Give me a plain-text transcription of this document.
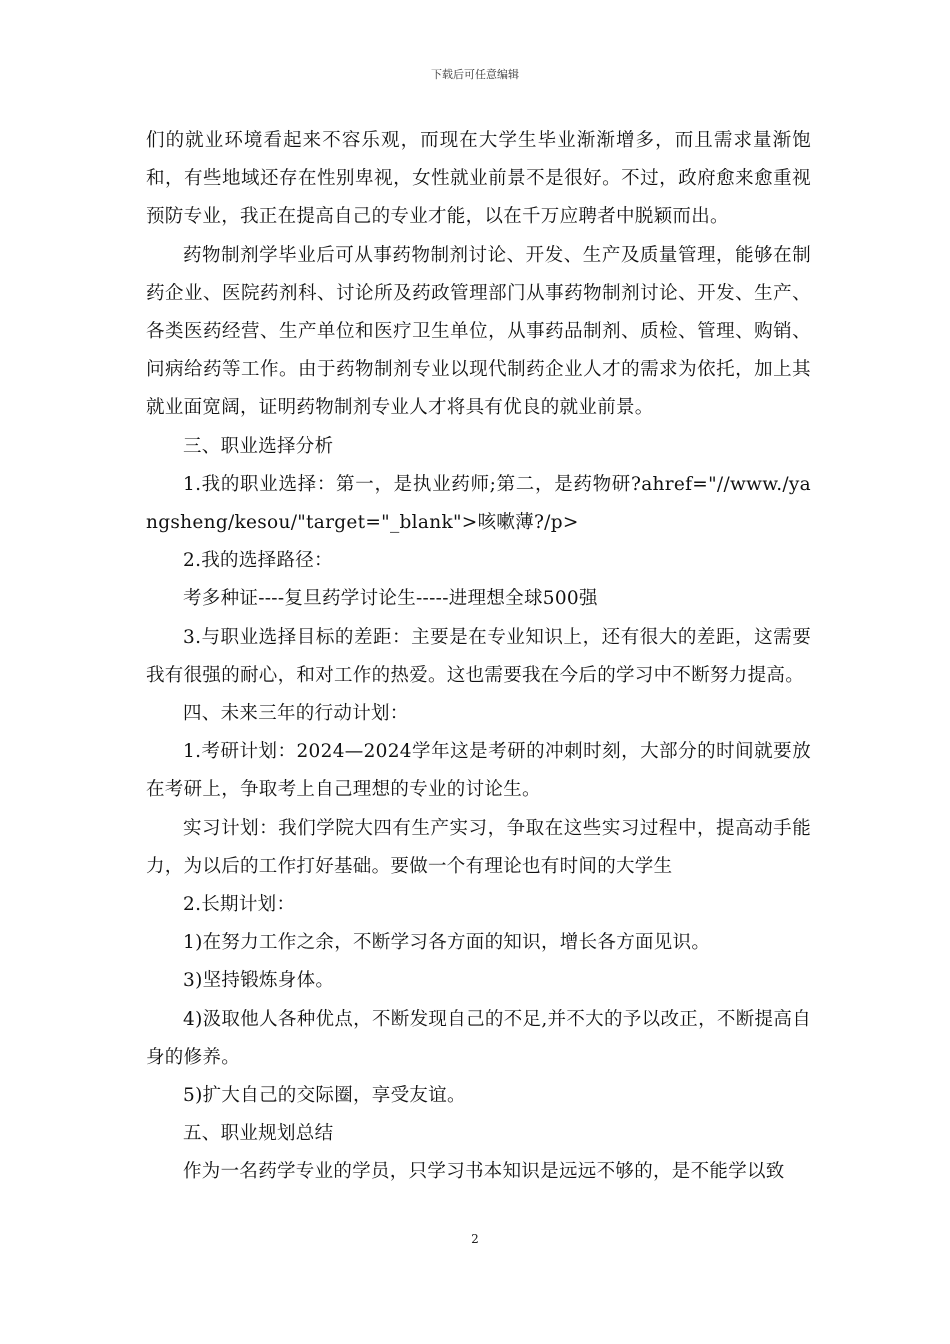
下载后可任意编辑

们的就业环境看起来不容乐观，而现在大学生毕业渐渐增多，而且需求量渐饱和，有些地域还存在性别卑视，女性就业前景不是很好。不过，政府愈来愈重视预防专业，我正在提高自己的专业才能，以在千万应聘者中脱颖而出。

药物制剂学毕业后可从事药物制剂讨论、开发、生产及质量管理，能够在制药企业、医院药剂科、讨论所及药政管理部门从事药物制剂讨论、开发、生产、各类医药经营、生产单位和医疗卫生单位，从事药品制剂、质检、管理、购销、问病给药等工作。由于药物制剂专业以现代制药企业人才的需求为依托，加上其就业面宽阔，证明药物制剂专业人才将具有优良的就业前景。

三、职业选择分析

1.我的职业选择：第一，是执业药师;第二，是药物研?ahref="//www./yangsheng/kesou/"target="_blank">咳嗽薄?/p>

2.我的选择路径：

考多种证----复旦药学讨论生-----进理想全球500强

3.与职业选择目标的差距：主要是在专业知识上，还有很大的差距，这需要我有很强的耐心，和对工作的热爱。这也需要我在今后的学习中不断努力提高。

四、未来三年的行动计划：

1.考研计划：2024—2024学年这是考研的冲刺时刻，大部分的时间就要放在考研上，争取考上自己理想的专业的讨论生。

实习计划：我们学院大四有生产实习，争取在这些实习过程中，提高动手能力，为以后的工作打好基础。要做一个有理论也有时间的大学生

2.长期计划：

1)在努力工作之余，不断学习各方面的知识，增长各方面见识。

3)坚持锻炼身体。

4)汲取他人各种优点，不断发现自己的不足,并不大的予以改正，不断提高自身的修养。

5)扩大自己的交际圈，享受友谊。

五、职业规划总结

作为一名药学专业的学员，只学习书本知识是远远不够的，是不能学以致

2
